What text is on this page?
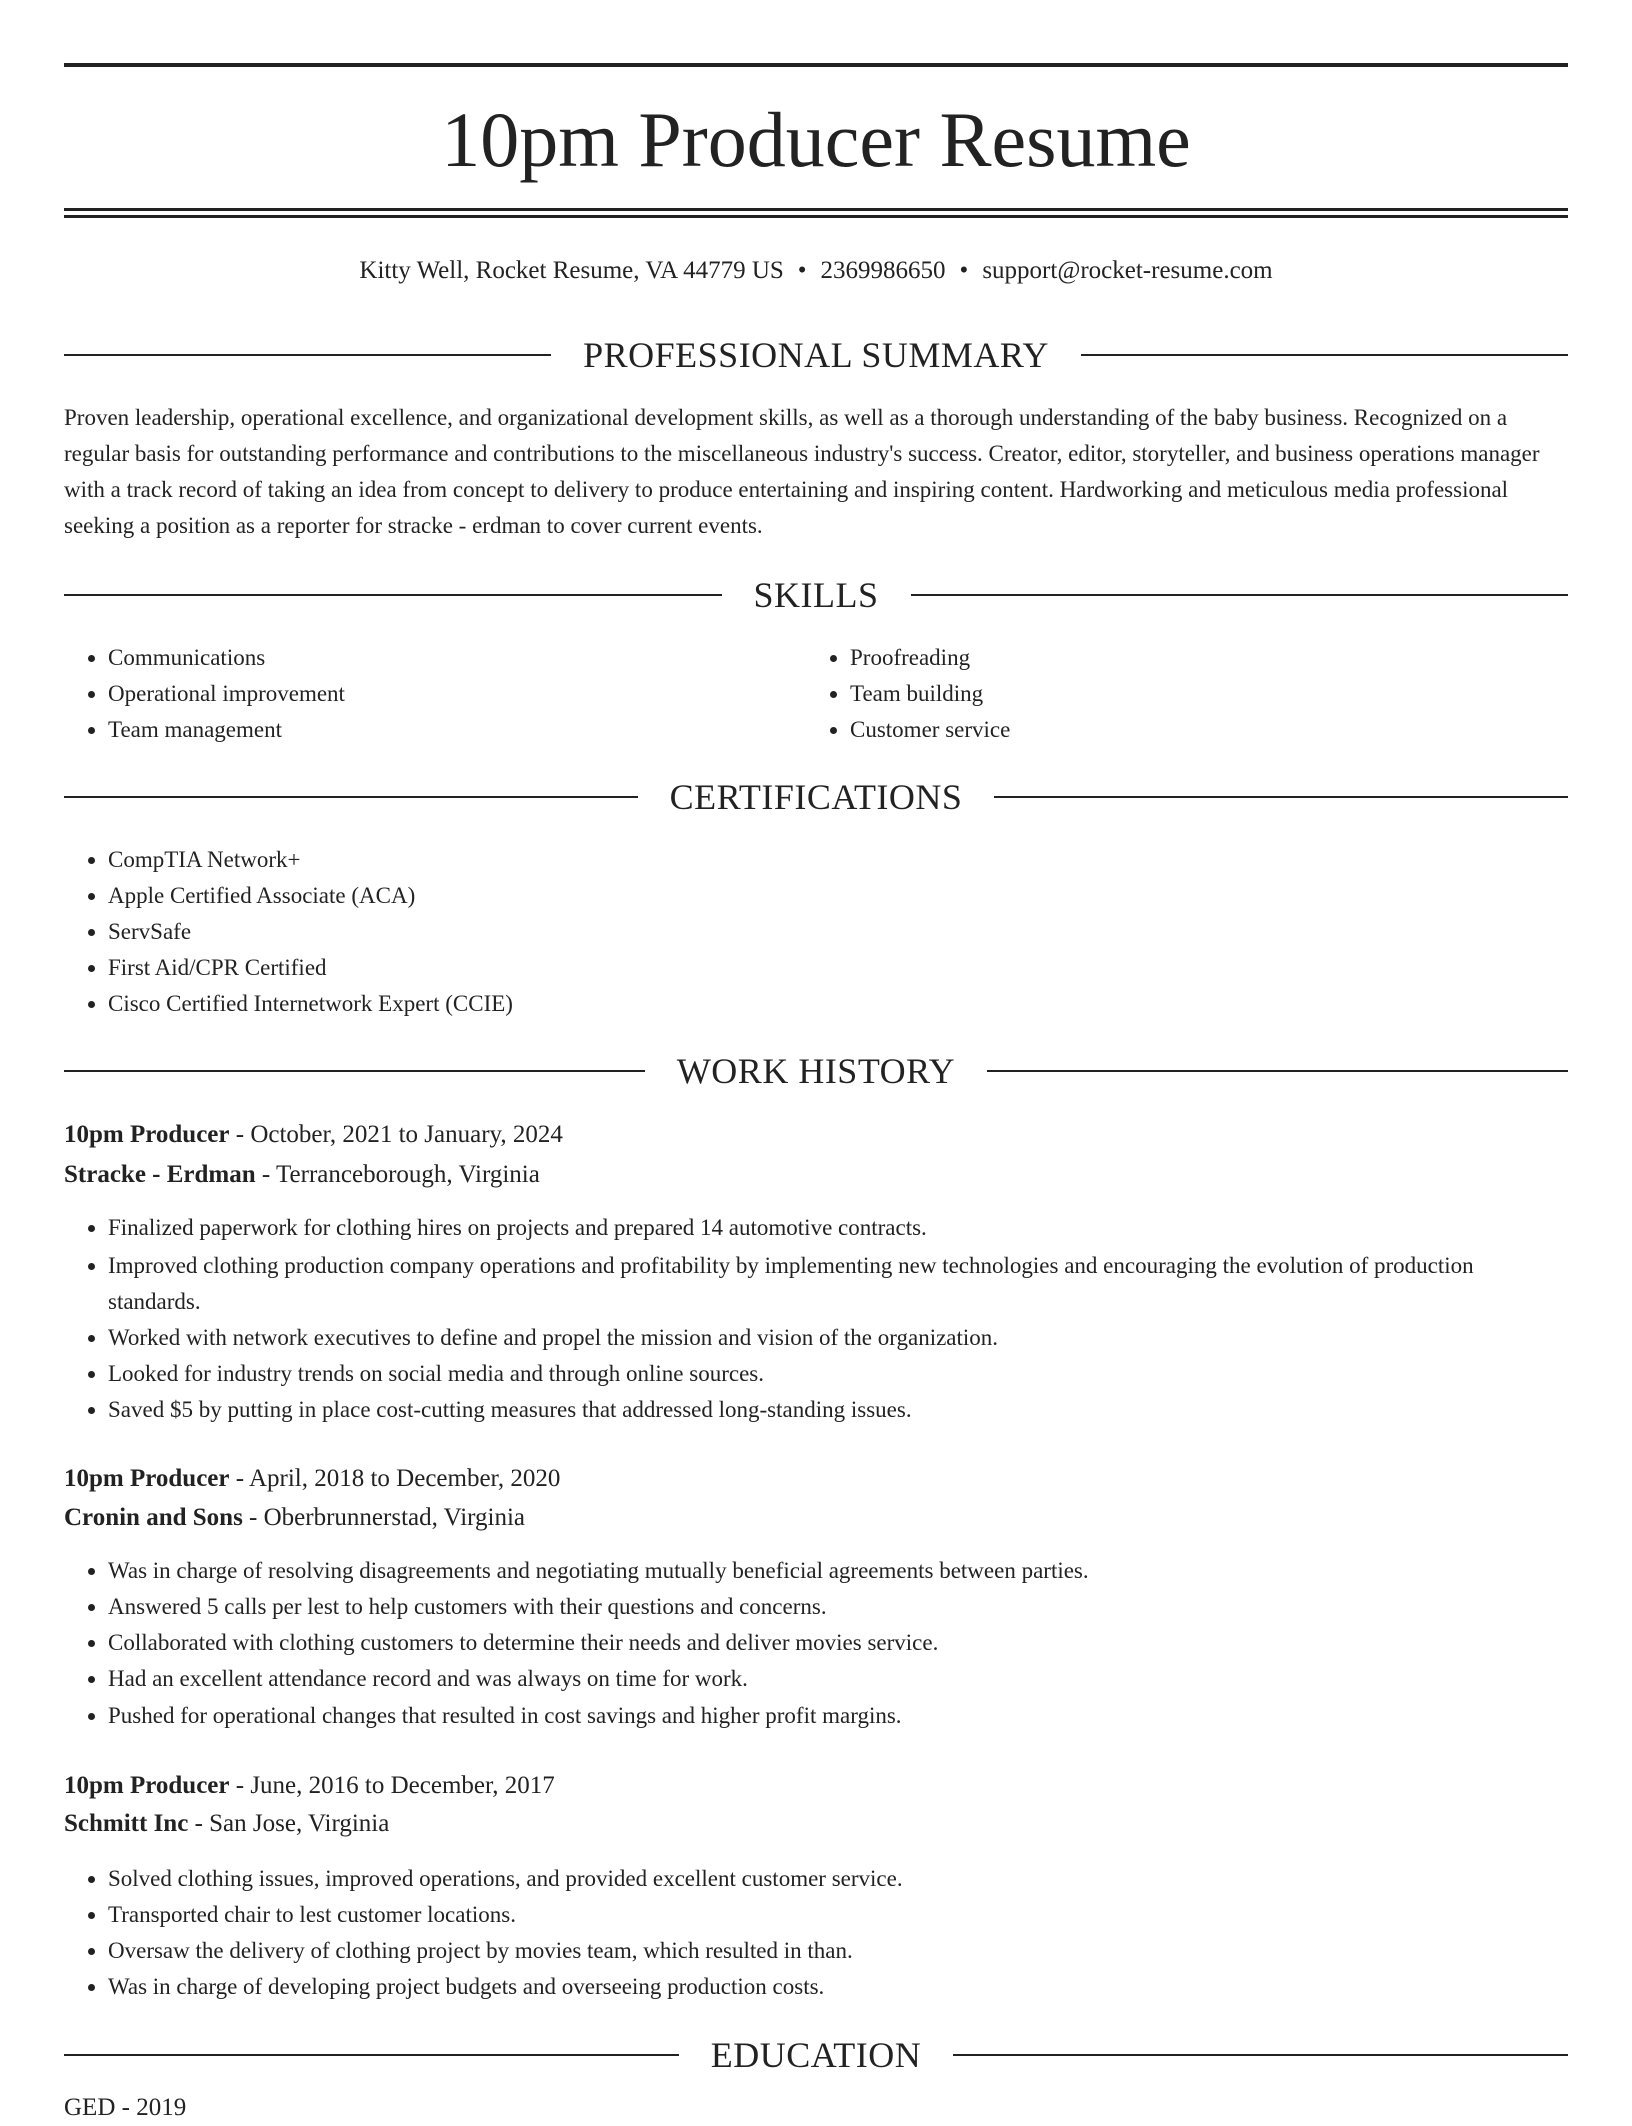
10pm Producer Resume
Kitty Well, Rocket Resume, VA 44779 US • 2369986650 • support@rocket-resume.com
PROFESSIONAL SUMMARY

Proven leadership, operational excellence, and organizational development skills, as well as a thorough understanding of the baby business. Recognized on a regular basis for outstanding performance and contributions to the miscellaneous industry's success. Creator, editor, storyteller, and business operations manager with a track record of taking an idea from concept to delivery to produce entertaining and inspiring content. Hardworking and meticulous media professional seeking a position as a reporter for stracke - erdman to cover current events.

SKILLS
• Communications
• Operational improvement
• Team management
• Proofreading
• Team building
• Customer service
CERTIFICATIONS
• CompTIA Network+
• Apple Certified Associate (ACA)
• ServSafe
• First Aid/CPR Certified
• Cisco Certified Internetwork Expert (CCIE)
WORK HISTORY
10pm Producer - October, 2021 to January, 2024
Stracke - Erdman - Terranceborough, Virginia
• Finalized paperwork for clothing hires on projects and prepared 14 automotive contracts.
• Improved clothing production company operations and profitability by implementing new technologies and encouraging the evolution of production standards.
• Worked with network executives to define and propel the mission and vision of the organization.
• Looked for industry trends on social media and through online sources.
• Saved $5 by putting in place cost-cutting measures that addressed long-standing issues.
10pm Producer - April, 2018 to December, 2020
Cronin and Sons - Oberbrunnerstad, Virginia
• Was in charge of resolving disagreements and negotiating mutually beneficial agreements between parties.
• Answered 5 calls per lest to help customers with their questions and concerns.
• Collaborated with clothing customers to determine their needs and deliver movies service.
• Had an excellent attendance record and was always on time for work.
• Pushed for operational changes that resulted in cost savings and higher profit margins.
10pm Producer - June, 2016 to December, 2017
Schmitt Inc - San Jose, Virginia
• Solved clothing issues, improved operations, and provided excellent customer service.
• Transported chair to lest customer locations.
• Oversaw the delivery of clothing project by movies team, which resulted in than.
• Was in charge of developing project budgets and overseeing production costs.
EDUCATION
GED - 2019
